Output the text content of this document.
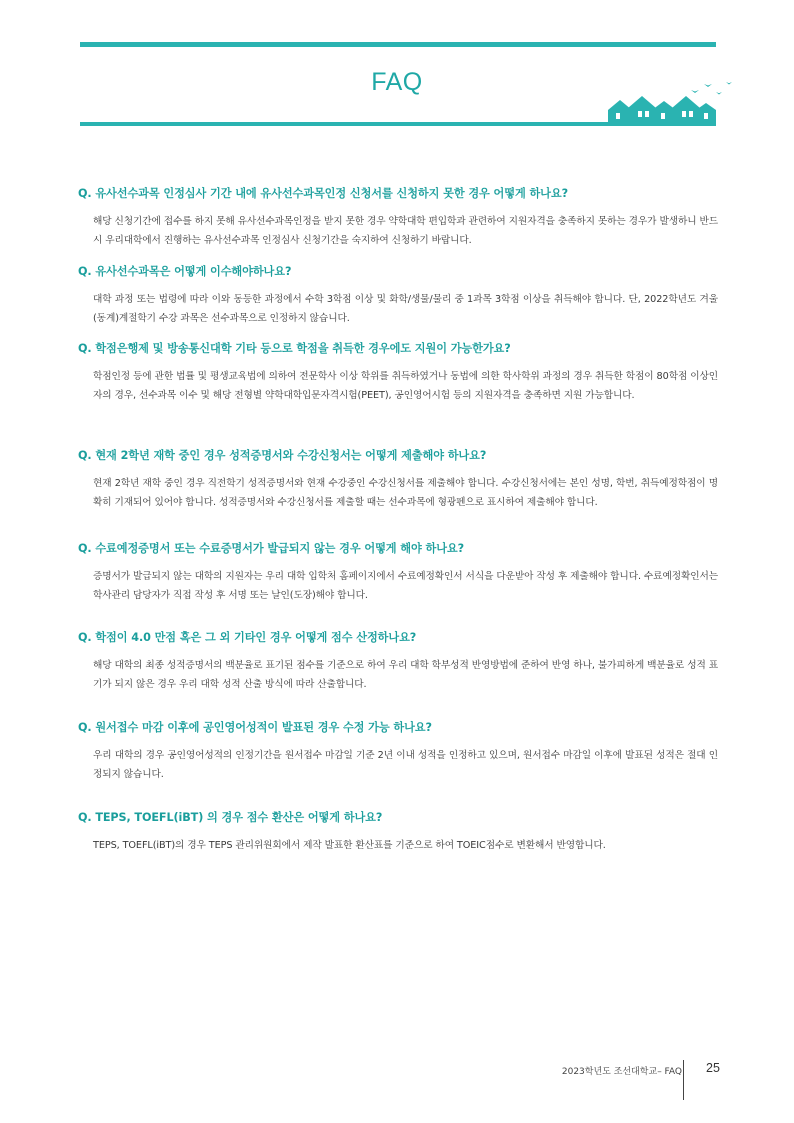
FAQ
Q. 유사선수과목 인정심사 기간 내에 유사선수과목인정 신청서를 신청하지 못한 경우 어떻게 하나요?
해당 신청기간에 접수를 하지 못해 유사선수과목인정을 받지 못한 경우 약학대학 편입학과 관련하여 지원자격을 충족하지 못하는 경우가 발생하니 반드시 우리대학에서 진행하는 유사선수과목 인정심사 신청기간을 숙지하여 신청하기 바랍니다.
Q. 유사선수과목은 어떻게 이수해야하나요?
대학 과정 또는 법령에 따라 이와 동등한 과정에서 수학 3학점 이상 및 화학/생물/물리 중 1과목 3학점 이상을 취득해야 합니다. 단, 2022학년도 겨울(동계)계절학기 수강 과목은 선수과목으로 인정하지 않습니다.
Q. 학점은행제 및 방송통신대학 기타 등으로 학점을 취득한 경우에도 지원이 가능한가요?
학점인정 등에 관한 법률 및 평생교육법에 의하여 전문학사 이상 학위를 취득하였거나 동법에 의한 학사학위 과정의 경우 취득한 학점이 80학점 이상인 자의 경우, 선수과목 이수 및 해당 전형별 약학대학입문자격시험(PEET), 공인영어시험 등의 지원자격을 충족하면 지원 가능합니다.
Q. 현재 2학년 재학 중인 경우 성적증명서와 수강신청서는 어떻게 제출해야 하나요?
현재 2학년 재학 중인 경우 직전학기 성적증명서와 현재 수강중인 수강신청서를 제출해야 합니다. 수강신청서에는 본인 성명, 학번, 취득예정학점이 명확히 기재되어 있어야 합니다. 성적증명서와 수강신청서를 제출할 때는 선수과목에 형광펜으로 표시하여 제출해야 합니다.
Q. 수료예정증명서 또는 수료증명서가 발급되지 않는 경우 어떻게 해야 하나요?
증명서가 발급되지 않는 대학의 지원자는 우리 대학 입학처 홈페이지에서 수료예정확인서 서식을 다운받아 작성 후 제출해야 합니다. 수료예정확인서는 학사관리 담당자가 직접 작성 후 서명 또는 날인(도장)해야 합니다.
Q. 학점이 4.0 만점 혹은 그 외 기타인 경우 어떻게 점수 산정하나요?
해당 대학의 최종 성적증명서의 백분율로 표기된 점수를 기준으로 하여 우리 대학 학부성적 반영방법에 준하여 반영 하나, 불가피하게 백분율로 성적 표기가 되지 않은 경우 우리 대학 성적 산출 방식에 따라 산출합니다.
Q. 원서접수 마감 이후에 공인영어성적이 발표된 경우 수정 가능 하나요?
우리 대학의 경우 공인영어성적의 인정기간을 원서접수 마감일 기준 2년 이내 성적을 인정하고 있으며, 원서접수 마감일 이후에 발표된 성적은 절대 인정되지 않습니다.
Q. TEPS, TOEFL(iBT) 의 경우 점수 환산은 어떻게 하나요?
TEPS, TOEFL(iBT)의 경우 TEPS 관리위원회에서 제작 발표한 환산표를 기준으로 하여 TOEIC점수로 변환해서 반영합니다.
2023학년도 조선대학교– FAQ 25
